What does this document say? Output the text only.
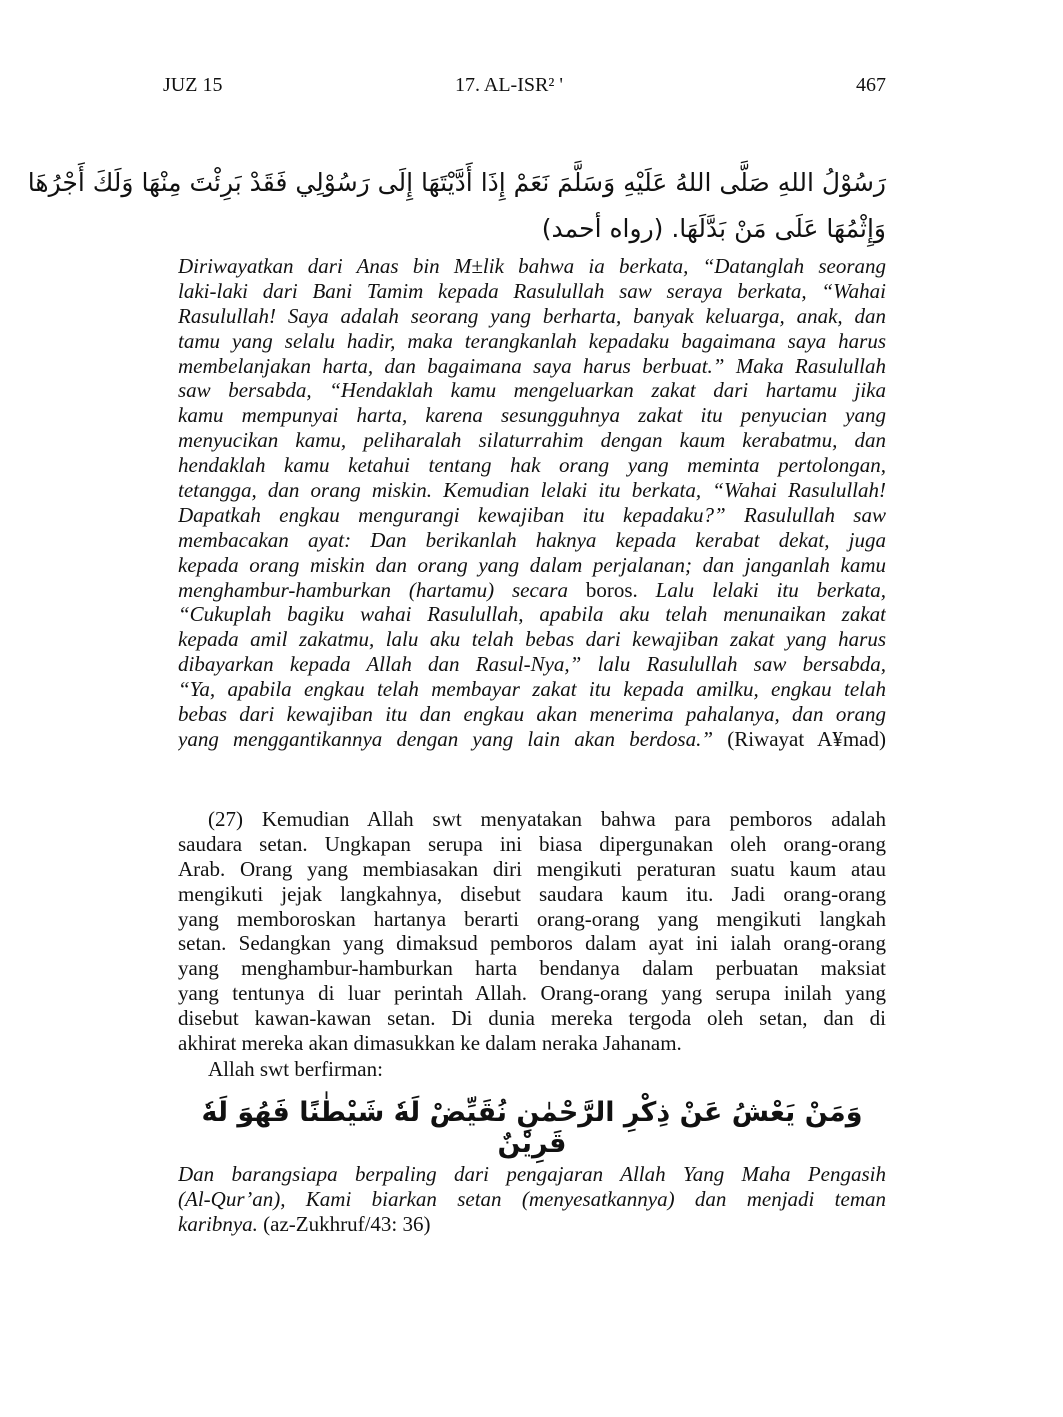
JUZ 15	17. AL-ISR² '	467
رَسُوْلُ اللهِ صَلَّى اللهُ عَلَيْهِ وَسَلَّمَ نَعَمْ إِذَا أَدَّيْتَهَا إِلَى رَسُوْلِي فَقَدْ بَرِئْتَ مِنْهَا وَلَكَ أَجْرُهَا
وَإِثْمُهَا عَلَى مَنْ بَدَّلَهَا. (رواه أحمد)
Diriwayatkan dari Anas bin M±lik bahwa ia berkata, “Datanglah seorang
laki-laki dari Bani Tamim kepada Rasulullah saw seraya berkata, “Wahai
Rasulullah! Saya adalah seorang yang berharta, banyak keluarga, anak, dan
tamu yang selalu hadir, maka terangkanlah kepadaku bagaimana saya harus
membelanjakan harta, dan bagaimana saya harus berbuat.” Maka Rasulullah
saw bersabda, “Hendaklah kamu mengeluarkan zakat dari hartamu jika
kamu mempunyai harta, karena sesungguhnya zakat itu penyucian yang
menyucikan kamu, peliharalah silaturrahim dengan kaum kerabatmu, dan
hendaklah kamu ketahui tentang hak orang yang meminta pertolongan,
tetangga, dan orang miskin. Kemudian lelaki itu berkata, “Wahai Rasulullah!
Dapatkah engkau mengurangi kewajiban itu kepadaku?” Rasulullah saw
membacakan ayat: Dan berikanlah haknya kepada kerabat dekat, juga
kepada orang miskin dan orang yang dalam perjalanan; dan janganlah kamu
menghambur-hamburkan (hartamu) secara boros. Lalu lelaki itu berkata,
“Cukuplah bagiku wahai Rasulullah, apabila aku telah menunaikan zakat
kepada amil zakatmu, lalu aku telah bebas dari kewajiban zakat yang harus
dibayarkan kepada Allah dan Rasul-Nya,” lalu Rasulullah saw bersabda,
“Ya, apabila engkau telah membayar zakat itu kepada amilku, engkau telah
bebas dari kewajiban itu dan engkau akan menerima pahalanya, dan orang
yang menggantikannya dengan yang lain akan berdosa.” (Riwayat A¥mad)
(27) Kemudian Allah swt menyatakan bahwa para pemboros adalah
saudara setan. Ungkapan serupa ini biasa dipergunakan oleh orang-orang
Arab. Orang yang membiasakan diri mengikuti peraturan suatu kaum atau
mengikuti jejak langkahnya, disebut saudara kaum itu. Jadi orang-orang
yang memboroskan hartanya berarti orang-orang yang mengikuti langkah
setan. Sedangkan yang dimaksud pemboros dalam ayat ini ialah orang-orang
yang menghambur-hamburkan harta bendanya dalam perbuatan maksiat
yang tentunya di luar perintah Allah. Orang-orang yang serupa inilah yang
disebut kawan-kawan setan. Di dunia mereka tergoda oleh setan, dan di
akhirat mereka akan dimasukkan ke dalam neraka Jahanam.
Allah swt berfirman:
وَمَنْ يَعْشُ عَنْ ذِكْرِ الرَّحْمٰنِ نُقَيِّضْ لَهٗ شَيْطٰنًا فَهُوَ لَهٗ قَرِيْنٌ
Dan barangsiapa berpaling dari pengajaran Allah Yang Maha Pengasih
(Al-Qur’an), Kami biarkan setan (menyesatkannya) dan menjadi teman
karibnya. (az-Zukhruf/43: 36)
